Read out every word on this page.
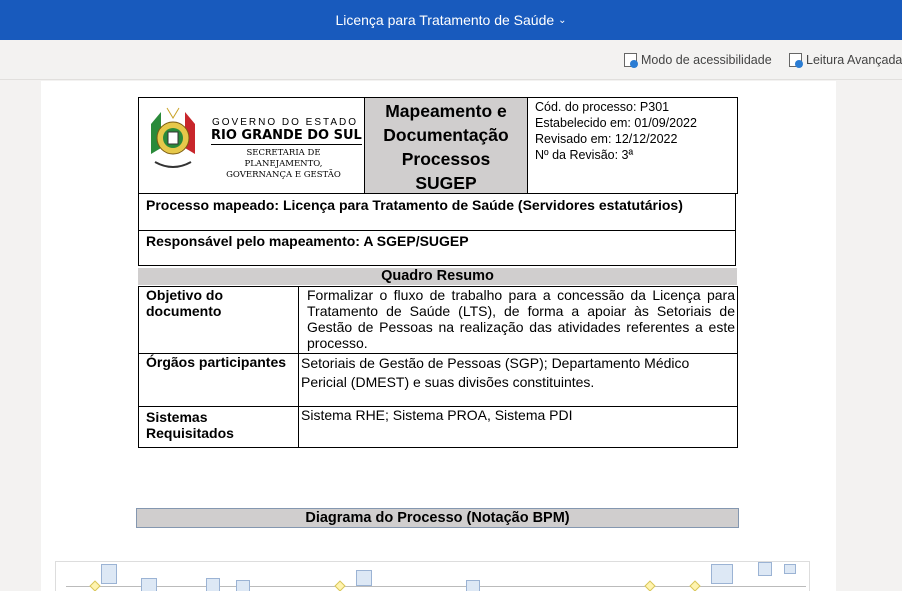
Licença para Tratamento de Saúde ⌄
Modo de acessibilidade	Leitura Avançada
GOVERNO DO ESTADO
RIO GRANDE DO SUL
SECRETARIA DE PLANEJAMENTO,
GOVERNANÇA E GESTÃO
Mapeamento e
Documentação
Processos
SUGEP
Cód. do processo: P301
Estabelecido em: 01/09/2022
Revisado em: 12/12/2022
Nº da Revisão: 3ª
Processo mapeado: Licença para Tratamento de Saúde (Servidores estatutários)
Responsável pelo mapeamento: A SGEP/SUGEP
Quadro Resumo
Objetivo do documento	Formalizar o fluxo de trabalho para a concessão da Licença para Tratamento de Saúde (LTS), de forma a apoiar às Setoriais de Gestão de Pessoas na realização das atividades referentes a este processo.
Órgãos participantes	Setoriais de Gestão de Pessoas (SGP); Departamento Médico Pericial (DMEST) e suas divisões constituintes.
Sistemas Requisitados	Sistema RHE; Sistema PROA, Sistema PDI
Diagrama do Processo (Notação BPM)
